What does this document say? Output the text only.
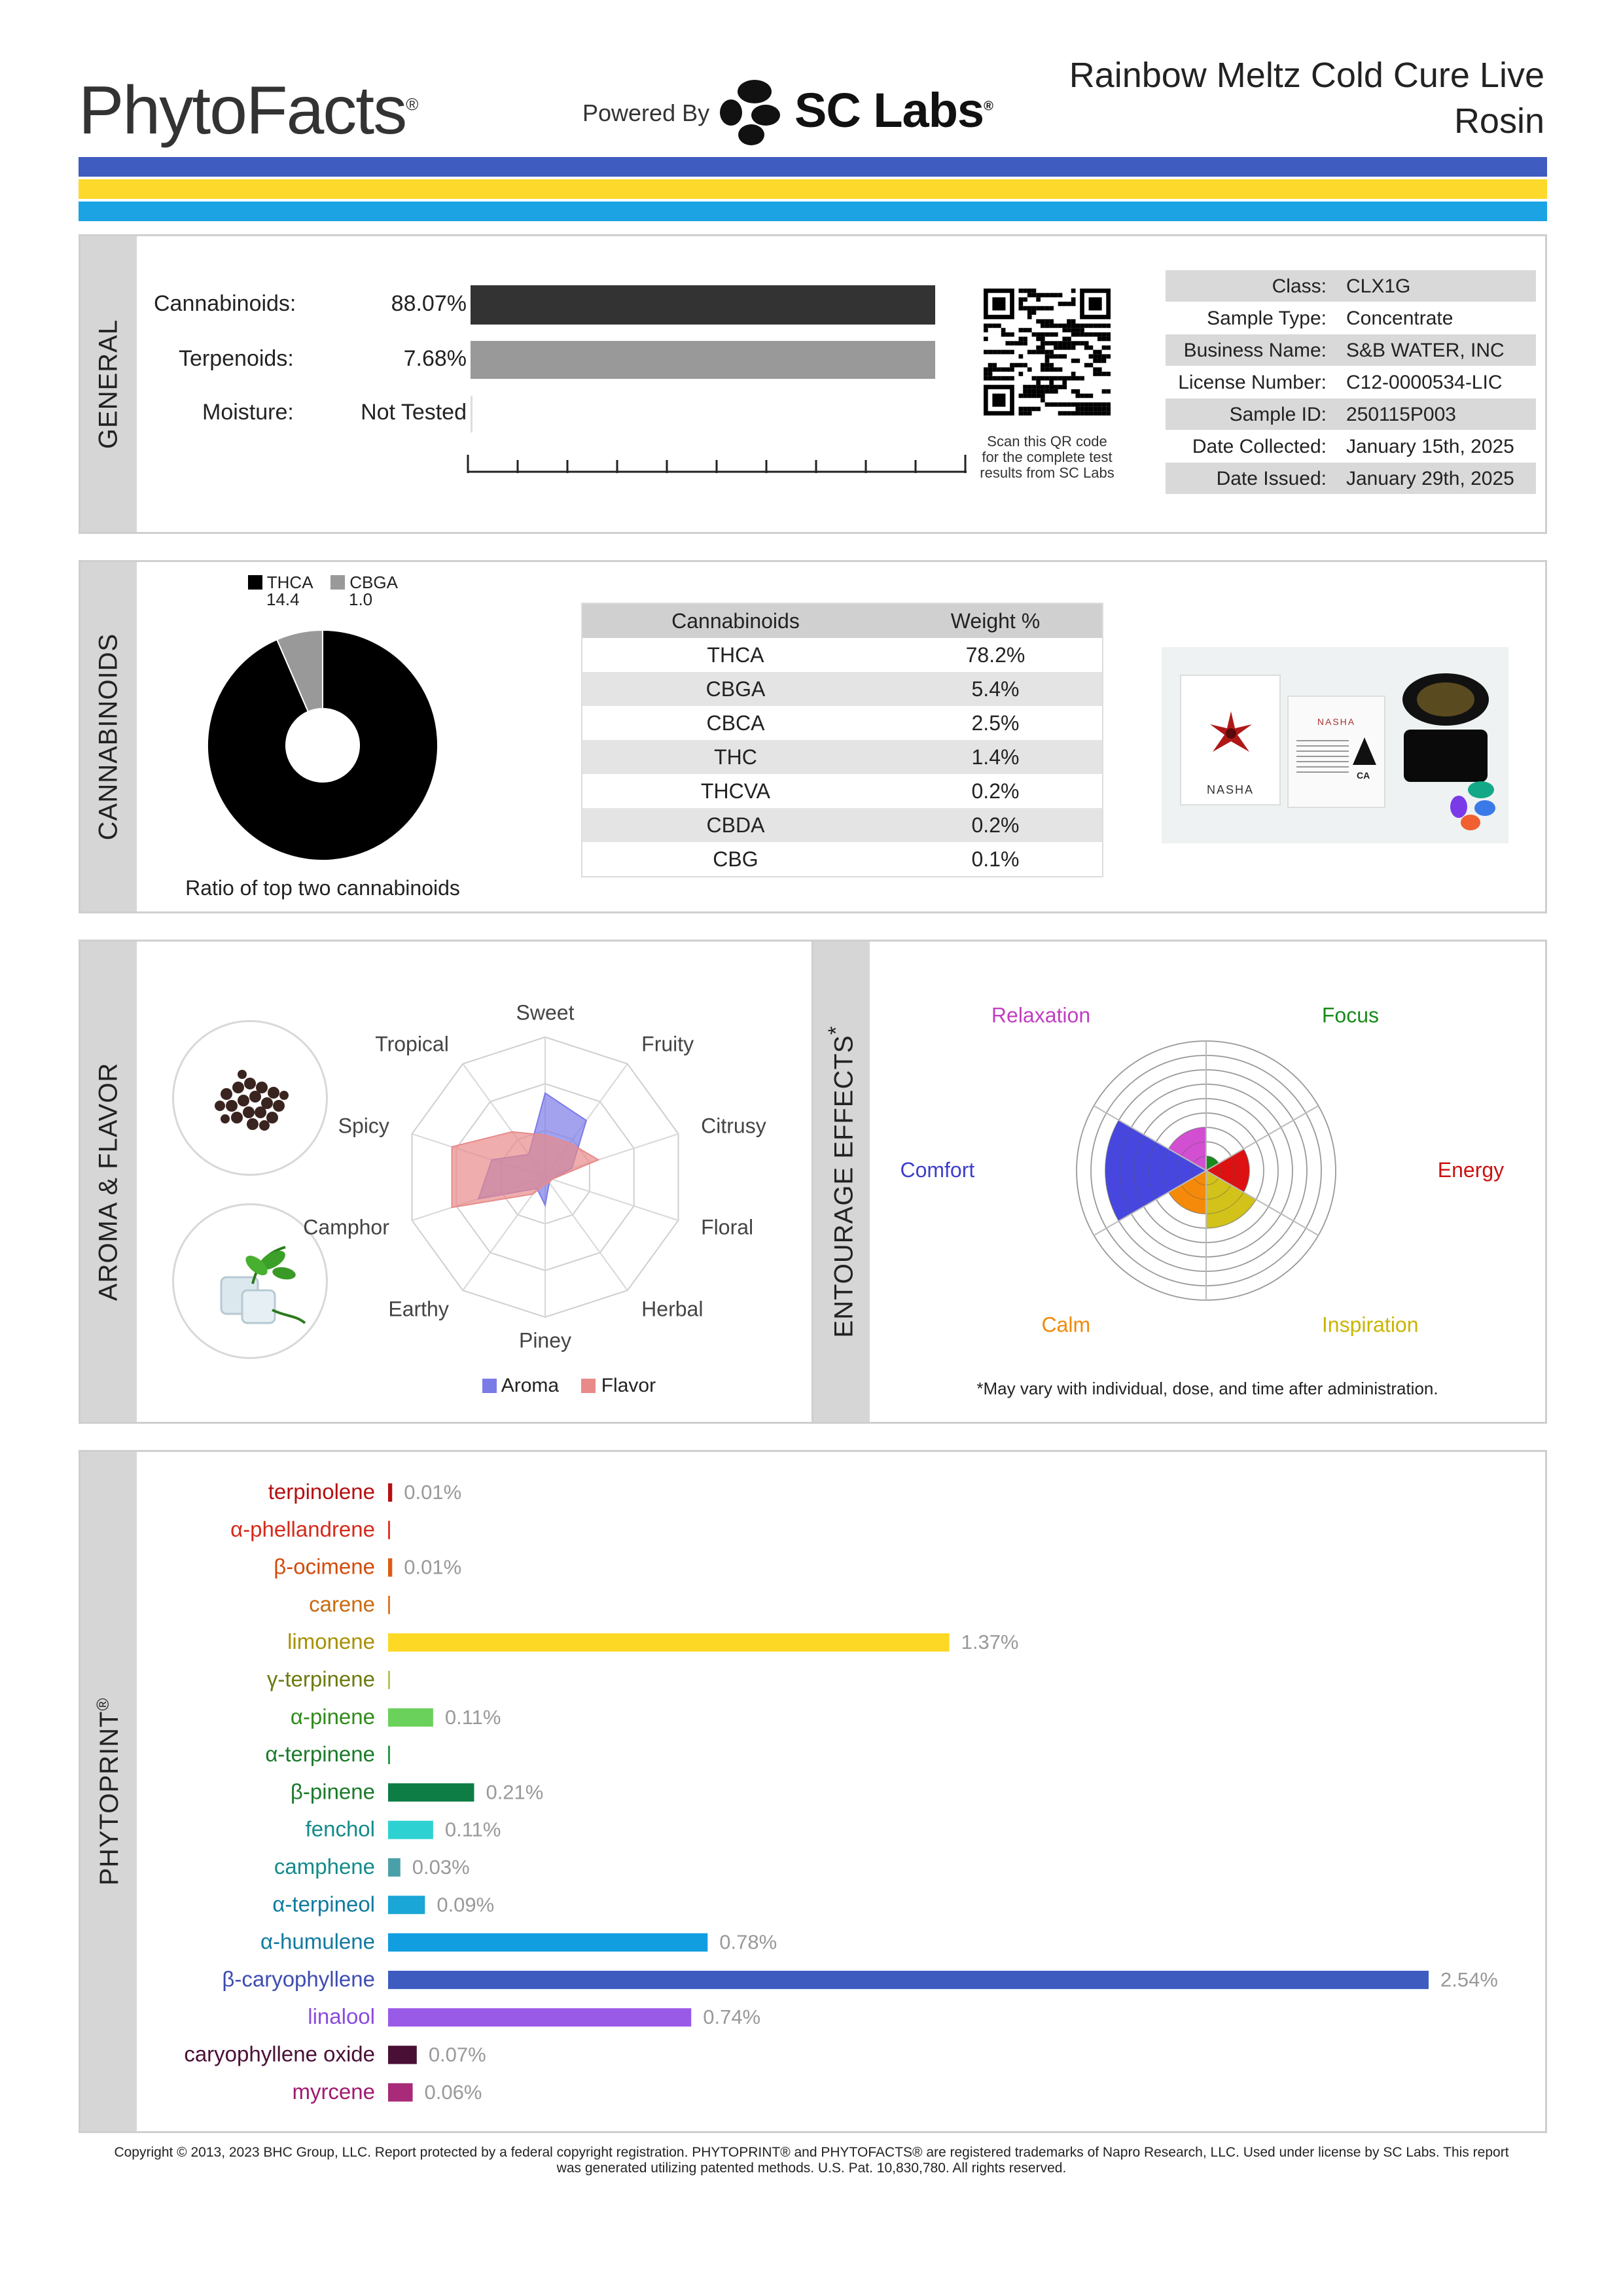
PhytoFacts®	Powered By SC Labs®
Rainbow Meltz Cold Cure Live
Rosin
GENERAL
Cannabinoids:	88.07%
Terpenoids:	7.68%
Moisture:	Not Tested
Scan this QR code
for the complete test
results from SC Labs
Class: CLX1G
Sample Type: Concentrate
Business Name: S&B WATER, INC
License Number: C12-0000534-LIC
Sample ID: 250115P003
Date Collected: January 15th, 2025
Date Issued: January 29th, 2025
CANNABINOIDS
THCA
14.4
CBGA
1.0
Ratio of top two cannabinoids
Cannabinoids	Weight %
THCA	78.2%
CBGA	5.4%
CBCA	2.5%
THC	1.4%
THCVA	0.2%
CBDA	0.2%
CBG	0.1%
NASHA
NASHA
CA
AROMA & FLAVOR
Sweet
Fruity
Citrusy
Floral
Herbal
Piney
Earthy
Camphor
Spicy
Tropical
Aroma Flavor
ENTOURAGE EFFECTS*
Focus
Energy
Inspiration
Calm
Comfort
Relaxation
*May vary with individual, dose, and time after administration.
PHYTOPRINT®
terpinolene 0.01%
α-phellandrene
β-ocimene 0.01%
carene
limonene	1.37%
γ-terpinene
α-pinene	0.11%
α-terpinene
β-pinene	0.21%
fenchol	0.11%
camphene 0.03%
α-terpineol	0.09%
α-humulene	0.78%
β-caryophyllene	2.54%
linalool	0.74%
caryophyllene oxide	0.07%
myrcene 0.06%
Copyright © 2013, 2023 BHC Group, LLC. Report protected by a federal copyright registration. PHYTOPRINT® and PHYTOFACTS® are registered trademarks of Napro Research, LLC. Used under license by SC Labs. This report
was generated utilizing patented methods. U.S. Pat. 10,830,780. All rights reserved.
